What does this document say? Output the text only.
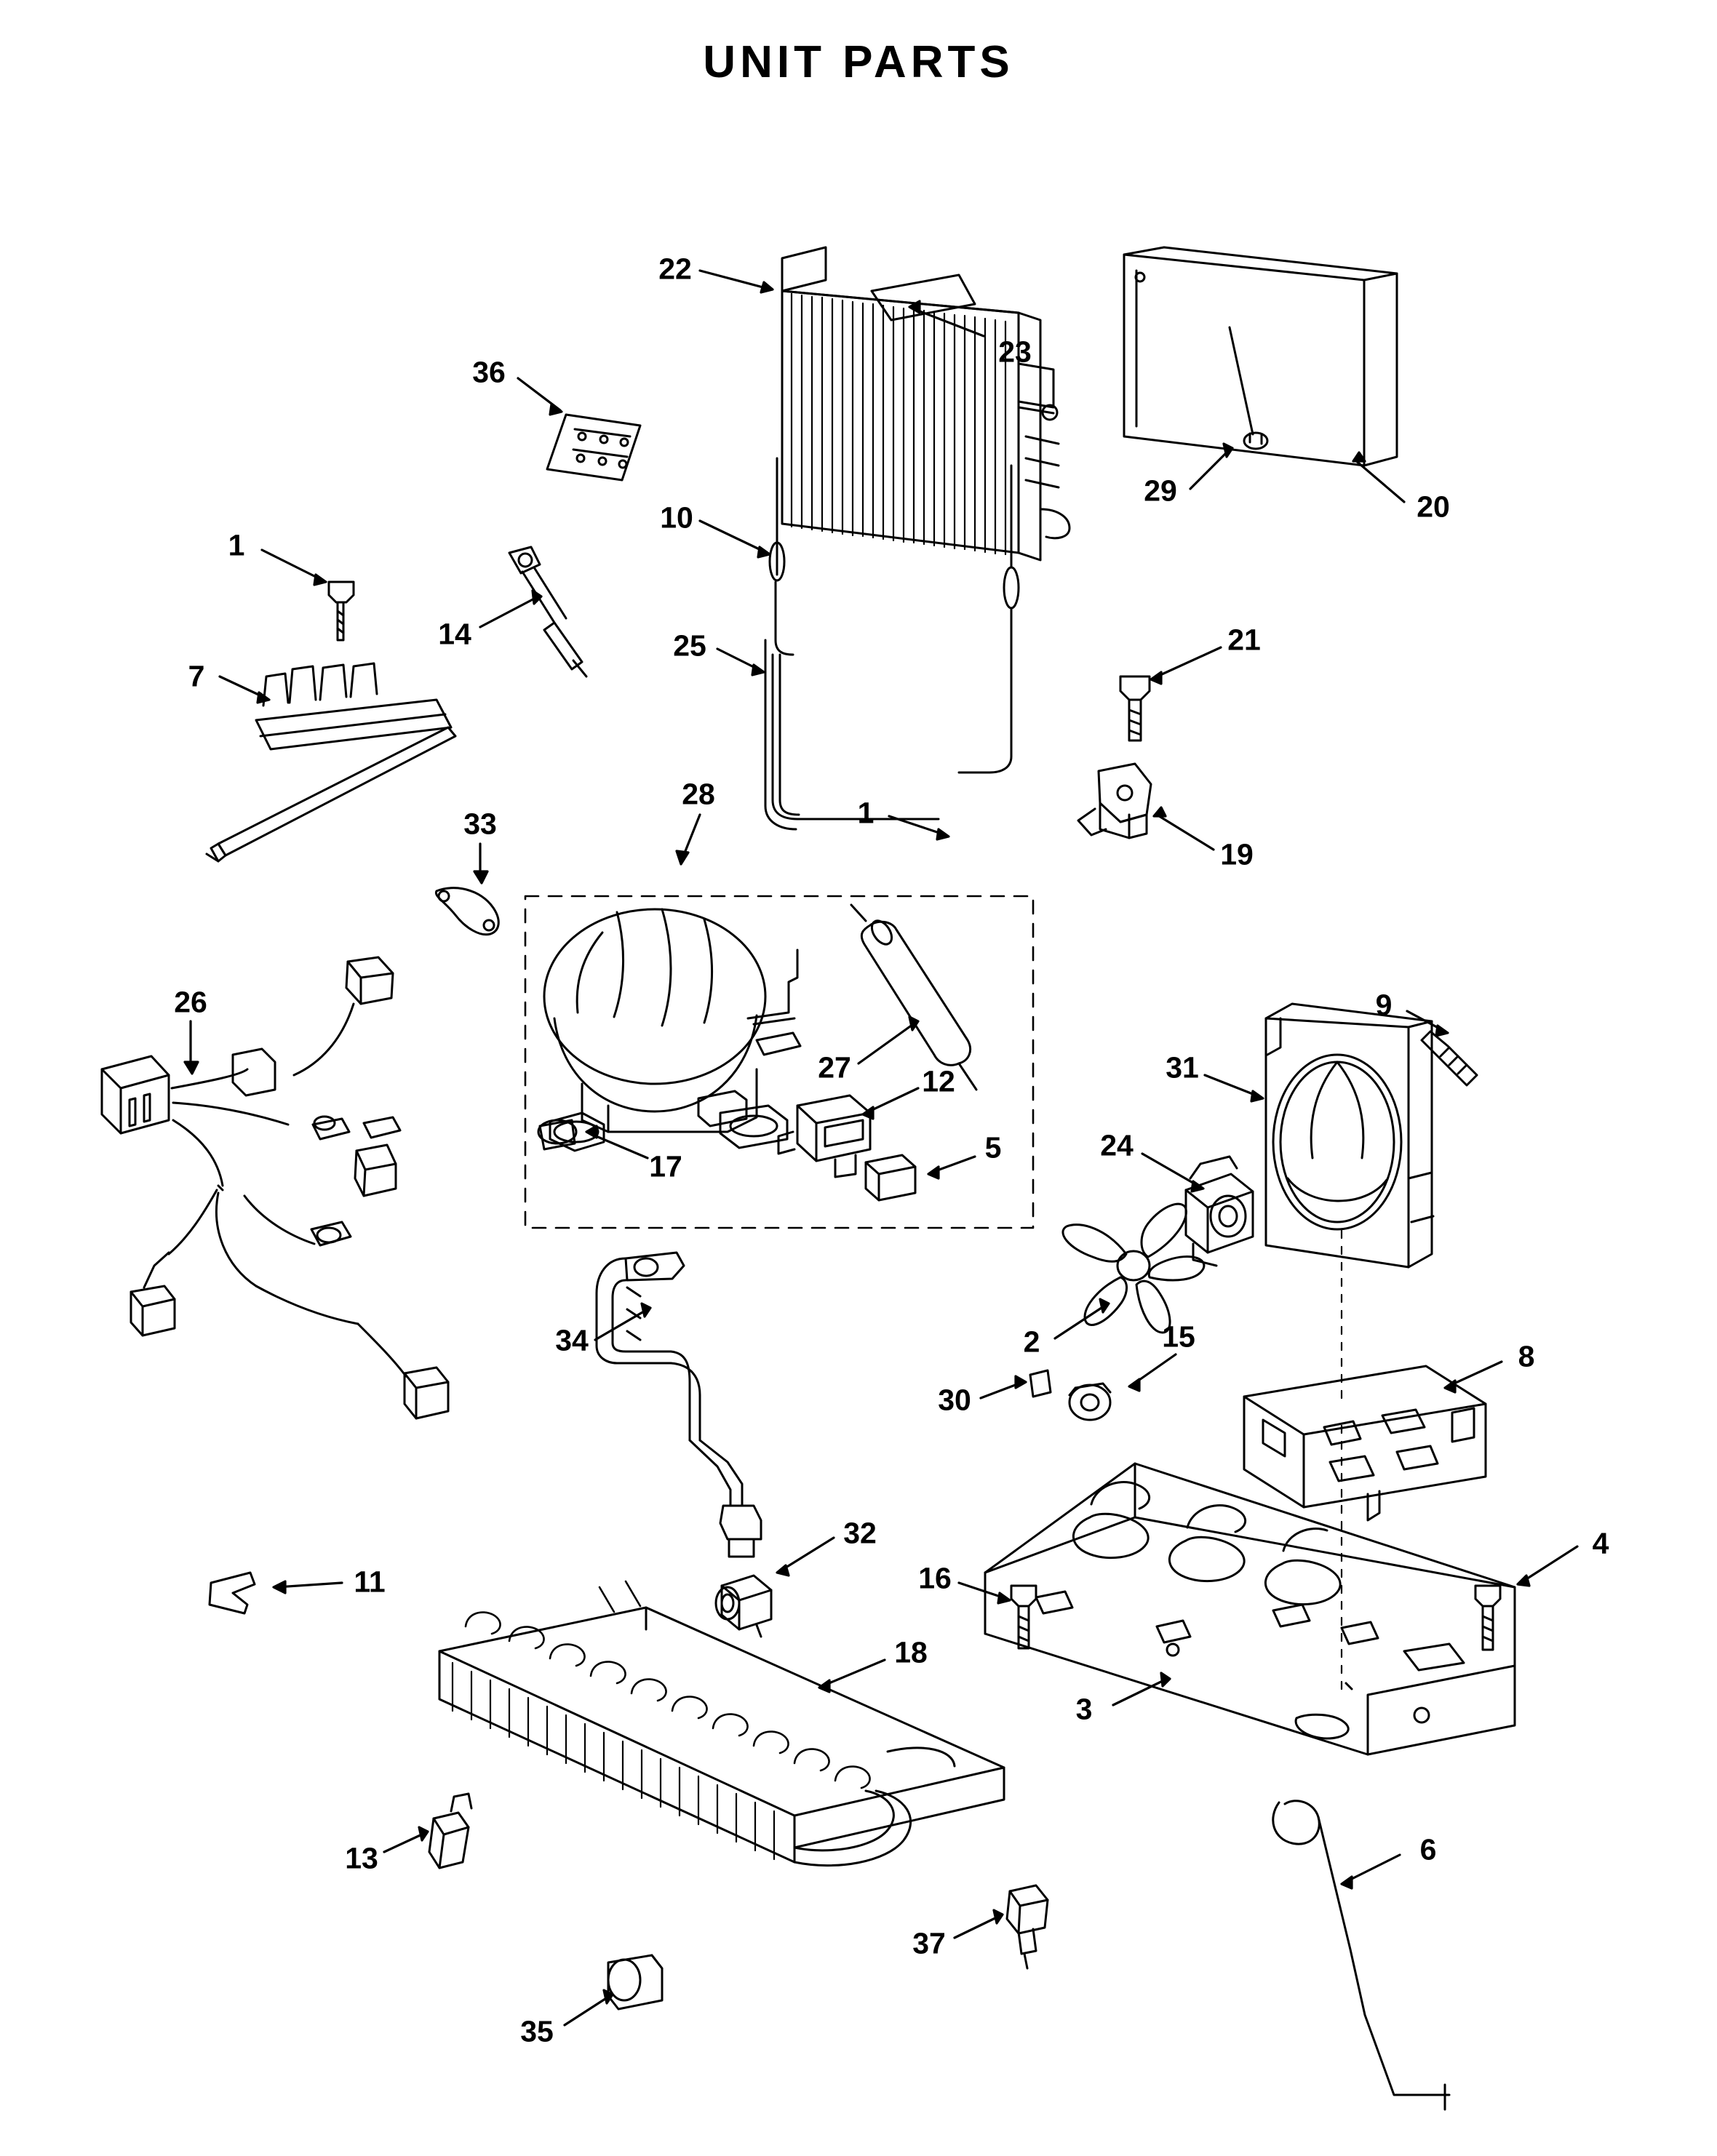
UNIT PARTS
22
23
36
29	20
1
10
14	25
7
21
19
33
28
1
26	9
31
27 12
5	24
17
2	15
8
34
30
4
11
32
16
18
3
13	6
37
35
